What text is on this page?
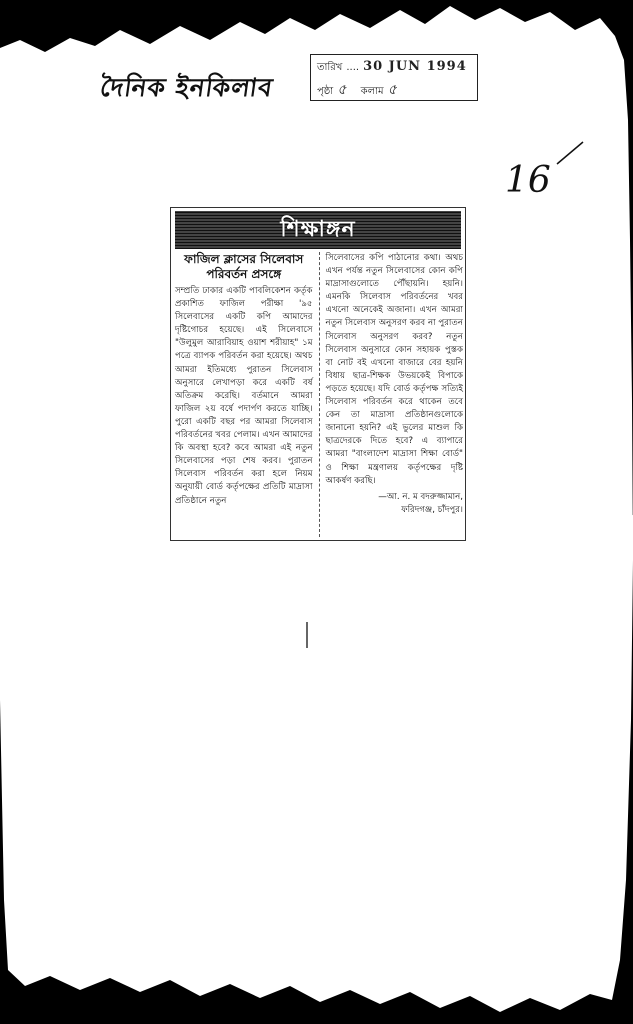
দৈনিক ইনকিলাব
তারিখ .... 30 JUN 1994
পৃষ্ঠা ৫
কলাম ৫
16
শিক্ষাঙ্গন
ফাজিল ক্লাসের সিলেবাস পরিবর্তন প্রসঙ্গে

সম্প্রতি ঢাকার একটি পাবলিকেশন কর্তৃক প্রকাশিত ফাজিল পরীক্ষা '৯৫ সিলেবাসের একটি কপি আমাদের দৃষ্টিগোচর হয়েছে। এই সিলেবাসে "উলুমুল আরাবিয়াহ ওয়াশ শরীয়াহ" ১ম পত্রে ব্যাপক পরিবর্তন করা হয়েছে। অথচ আমরা ইতিমধ্যে পুরাতন সিলেবাস অনুসারে লেখাপড়া করে একটি বর্ষ অতিক্রম করেছি। বর্তমানে আমরা ফাজিল ২য় বর্ষে পদার্পণ করতে যাচ্ছি। পুরো একটি বছর পর আমরা সিলেবাস পরিবর্তনের খবর পেলাম। এখন আমাদের কি অবস্থা হবে? কবে আমরা এই নতুন সিলেবাসের পড়া শেষ করব। পুরাতন সিলেবাস পরিবর্তন করা হলে নিয়ম অনুযায়ী বোর্ড কর্তৃপক্ষের প্রতিটি মাদ্রাসা প্রতিষ্ঠানে নতুন

সিলেবাসের কপি পাঠানোর কথা। অথচ এখন পর্যন্ত নতুন সিলেবাসের কোন কপি মাদ্রাসাগুলোতে পৌঁছায়নি। হয়নি। এমনকি সিলেবাস পরিবর্তনের খবর এখনো অনেকেই অজানা। এখন আমরা নতুন সিলেবাস অনুসরণ করব না পুরাতন সিলেবাস অনুসরণ করব? নতুন সিলেবাস অনুসারে কোন সহায়ক পুস্তক বা নোট বই এখনো বাজারে বের হয়নি বিধায় ছাত্র-শিক্ষক উভয়কেই বিপাকে পড়তে হয়েছে। যদি বোর্ড কর্তৃপক্ষ সত্যিই সিলেবাস পরিবর্তন করে থাকেন তবে কেন তা মাদ্রাসা প্রতিষ্ঠানগুলোকে জানানো হয়নি? এই ভুলের মাশুল কি ছাত্রদেরকে দিতে হবে? এ ব্যাপারে আমরা "বাংলাদেশ মাদ্রাসা শিক্ষা বোর্ড" ও শিক্ষা মন্ত্রণালয় কর্তৃপক্ষের দৃষ্টি আকর্ষণ করছি।

—আ. ন. ম বদরুজ্জামান,
ফরিদগঞ্জ, চাঁদপুর।
